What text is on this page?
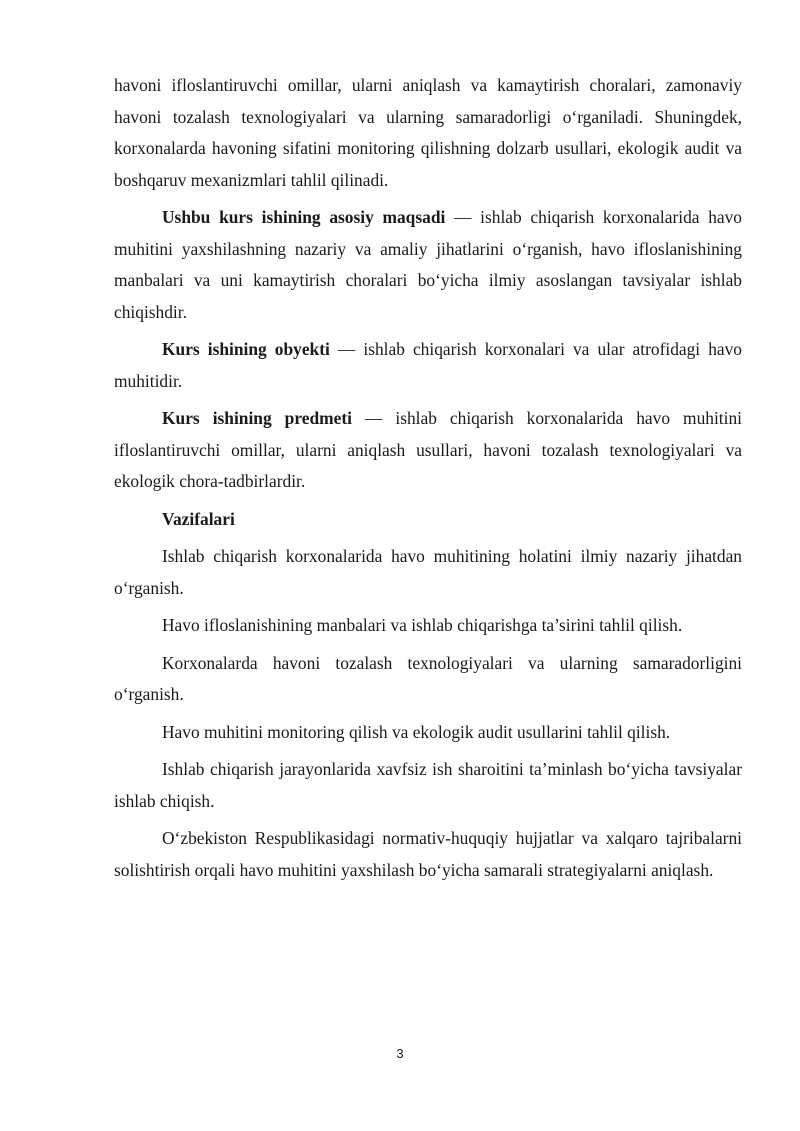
havoni ifloslantiruvchi omillar, ularni aniqlash va kamaytirish choralari, zamonaviy havoni tozalash texnologiyalari va ularning samaradorligi o‘rganiladi. Shuningdek, korxonalarda havoning sifatini monitoring qilishning dolzarb usullari, ekologik audit va boshqaruv mexanizmlari tahlil qilinadi.

Ushbu kurs ishining asosiy maqsadi — ishlab chiqarish korxonalarida havo muhitini yaxshilashning nazariy va amaliy jihatlarini o‘rganish, havo ifloslanishining manbalari va uni kamaytirish choralari bo‘yicha ilmiy asoslangan tavsiyalar ishlab chiqishdir.

Kurs ishining obyekti — ishlab chiqarish korxonalari va ular atrofidagi havo muhitidir.

Kurs ishining predmeti — ishlab chiqarish korxonalarida havo muhitini ifloslantiruvchi omillar, ularni aniqlash usullari, havoni tozalash texnologiyalari va ekologik chora-tadbirlardir.

Vazifalari

Ishlab chiqarish korxonalarida havo muhitining holatini ilmiy nazariy jihatdan o‘rganish.

Havo ifloslanishining manbalari va ishlab chiqarishga ta’sirini tahlil qilish.

Korxonalarda havoni tozalash texnologiyalari va ularning samaradorligini o‘rganish.

Havo muhitini monitoring qilish va ekologik audit usullarini tahlil qilish.

Ishlab chiqarish jarayonlarida xavfsiz ish sharoitini ta’minlash bo‘yicha tavsiyalar ishlab chiqish.

O‘zbekiston Respublikasidagi normativ-huquqiy hujjatlar va xalqaro tajribalarni solishtirish orqali havo muhitini yaxshilash bo‘yicha samarali strategiyalarni aniqlash.

3
